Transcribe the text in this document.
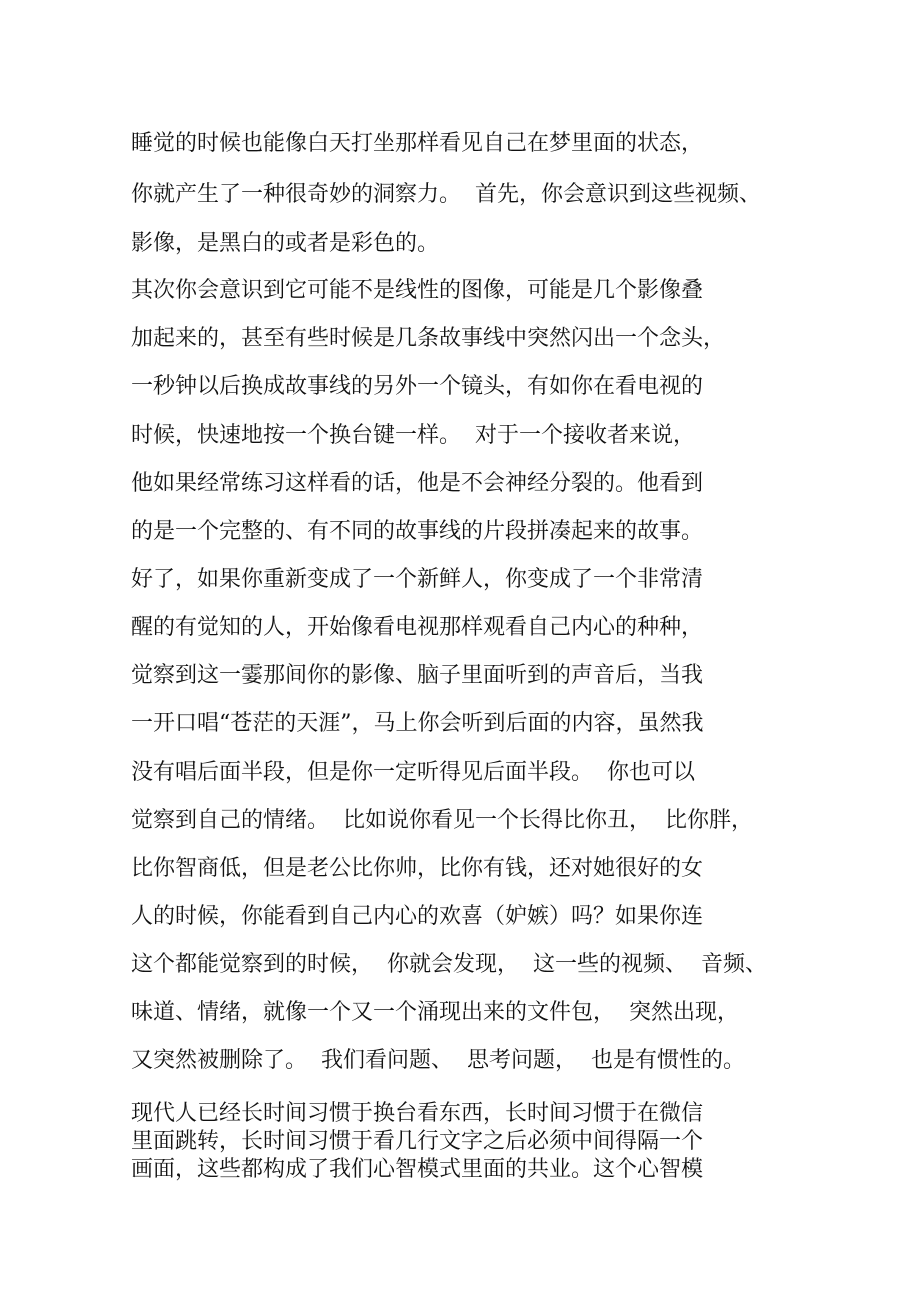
睡觉的时候也能像白天打坐那样看见自己在梦里面的状态，
你就产生了一种很奇妙的洞察力。  首先，你会意识到这些视频、
影像，是黑白的或者是彩色的。
其次你会意识到它可能不是线性的图像，可能是几个影像叠
加起来的，甚至有些时候是几条故事线中突然闪出一个念头，
一秒钟以后换成故事线的另外一个镜头，有如你在看电视的
时候，快速地按一个换台键一样。  对于一个接收者来说，
他如果经常练习这样看的话，他是不会神经分裂的。他看到
的是一个完整的、有不同的故事线的片段拼凑起来的故事。
好了，如果你重新变成了一个新鲜人，你变成了一个非常清
醒的有觉知的人，开始像看电视那样观看自己内心的种种，
觉察到这一霎那间你的影像、脑子里面听到的声音后，当我
一开口唱“苍茫的天涯”，马上你会听到后面的内容，虽然我
没有唱后面半段，但是你一定听得见后面半段。  你也可以
觉察到自己的情绪。  比如说你看见一个长得比你丑，  比你胖，
比你智商低，但是老公比你帅，比你有钱，还对她很好的女
人的时候，你能看到自己内心的欢喜（妒嫉）吗？如果你连
这个都能觉察到的时候，  你就会发现，  这一些的视频、  音频、
味道、情绪，就像一个又一个涌现出来的文件包，  突然出现，
又突然被删除了。  我们看问题、  思考问题，  也是有惯性的。
现代人已经长时间习惯于换台看东西，长时间习惯于在微信
里面跳转，长时间习惯于看几行文字之后必须中间得隔一个
画面，这些都构成了我们心智模式里面的共业。这个心智模
